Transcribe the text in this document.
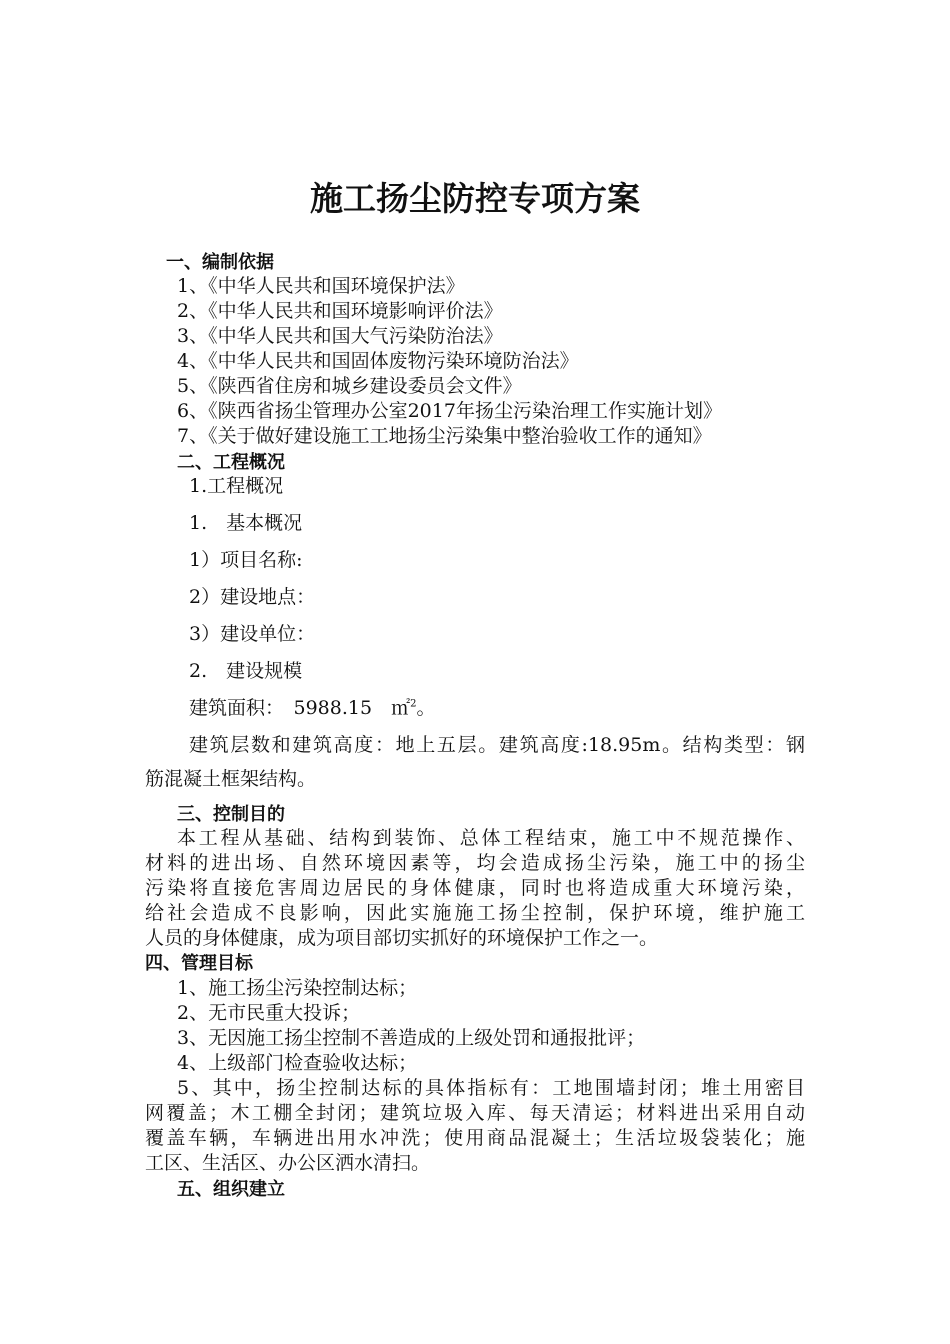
施工扬尘防控专项方案
一、编制依据
1、《中华人民共和国环境保护法》
2、《中华人民共和国环境影响评价法》
3、《中华人民共和国大气污染防治法》
4、《中华人民共和国固体废物污染环境防治法》
5、《陕西省住房和城乡建设委员会文件》
6、《陕西省扬尘管理办公室2017年扬尘污染治理工作实施计划》
7、《关于做好建设施工工地扬尘污染集中整治验收工作的通知》
二、工程概况
1.工程概况
1.　基本概况
1）项目名称:
2）建设地点：
3）建设单位：
2.　建设规模
建筑面积：　5988.15　㎡$^2$。
建筑层数和建筑高度：地上五层。建筑高度:18.95m。结构类型：钢
筋混凝土框架结构。
三、控制目的
本工程从基础、结构到装饰、总体工程结束，施工中不规范操作、
材料的进出场、自然环境因素等，均会造成扬尘污染，施工中的扬尘
污染将直接危害周边居民的身体健康，同时也将造成重大环境污染，
给社会造成不良影响，因此实施施工扬尘控制，保护环境，维护施工
人员的身体健康，成为项目部切实抓好的环境保护工作之一。
四、管理目标
1、施工扬尘污染控制达标；
2、无市民重大投诉；
3、无因施工扬尘控制不善造成的上级处罚和通报批评；
4、上级部门检查验收达标；
5、其中，扬尘控制达标的具体指标有：工地围墙封闭；堆土用密目
网覆盖；木工棚全封闭；建筑垃圾入库、每天清运；材料进出采用自动
覆盖车辆，车辆进出用水冲洗；使用商品混凝土；生活垃圾袋装化；施
工区、生活区、办公区洒水清扫。
五、组织建立
